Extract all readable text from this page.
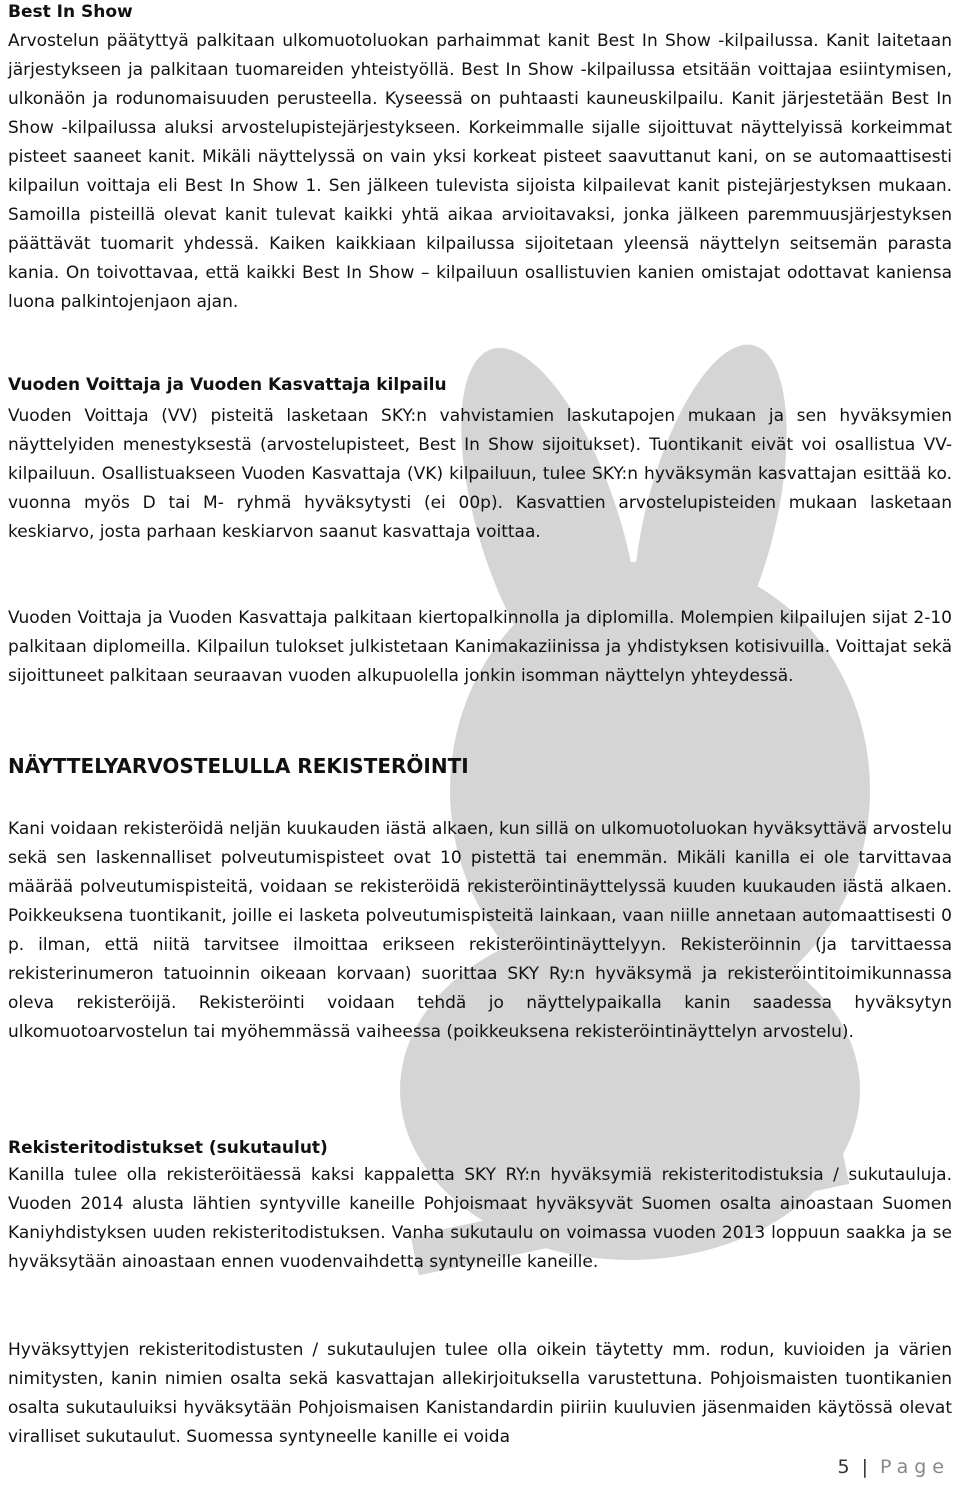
Best In Show

Arvostelun päätyttyä palkitaan ulkomuotoluokan parhaimmat kanit Best In Show -kilpailussa. Kanit laitetaan järjestykseen ja palkitaan tuomareiden yhteistyöllä. Best In Show -kilpailussa etsitään voittajaa esiintymisen, ulkonäön ja rodunomaisuuden perusteella. Kyseessä on puhtaasti kauneuskilpailu. Kanit järjestetään Best In Show -kilpailussa aluksi arvostelupistejärjestykseen. Korkeimmalle sijalle sijoittuvat näyttelyissä korkeimmat pisteet saaneet kanit. Mikäli näyttelyssä on vain yksi korkeat pisteet saavuttanut kani, on se automaattisesti kilpailun voittaja eli Best In Show 1. Sen jälkeen tulevista sijoista kilpailevat kanit pistejärjestyksen mukaan. Samoilla pisteillä olevat kanit tulevat kaikki yhtä aikaa arvioitavaksi, jonka jälkeen paremmuusjärjestyksen päättävät tuomarit yhdessä. Kaiken kaikkiaan kilpailussa sijoitetaan yleensä näyttelyn seitsemän parasta kania. On toivottavaa, että kaikki Best In Show – kilpailuun osallistuvien kanien omistajat odottavat kaniensa luona palkintojenjaon ajan.

Vuoden Voittaja ja Vuoden Kasvattaja kilpailu

Vuoden Voittaja (VV) pisteitä lasketaan SKY:n vahvistamien laskutapojen mukaan ja sen hyväksymien näyttelyiden menestyksestä (arvostelupisteet, Best In Show sijoitukset). Tuontikanit eivät voi osallistua VV-kilpailuun. Osallistuakseen Vuoden Kasvattaja (VK) kilpailuun, tulee SKY:n hyväksymän kasvattajan esittää ko. vuonna myös D tai M- ryhmä hyväksytysti (ei 00p). Kasvattien arvostelupisteiden mukaan lasketaan keskiarvo, josta parhaan keskiarvon saanut kasvattaja voittaa.

Vuoden Voittaja ja Vuoden Kasvattaja palkitaan kiertopalkinnolla ja diplomilla. Molempien kilpailujen sijat 2-10 palkitaan diplomeilla. Kilpailun tulokset julkistetaan Kanimakaziinissa ja yhdistyksen kotisivuilla. Voittajat sekä sijoittuneet palkitaan seuraavan vuoden alkupuolella jonkin isomman näyttelyn yhteydessä.

NÄYTTELYARVOSTELULLA REKISTERÖINTI

Kani voidaan rekisteröidä neljän kuukauden iästä alkaen, kun sillä on ulkomuotoluokan hyväksyttävä arvostelu sekä sen laskennalliset polveutumispisteet ovat 10 pistettä tai enemmän. Mikäli kanilla ei ole tarvittavaa määrää polveutumispisteitä, voidaan se rekisteröidä rekisteröintinäyttelyssä kuuden kuukauden iästä alkaen. Poikkeuksena tuontikanit, joille ei lasketa polveutumispisteitä lainkaan, vaan niille annetaan automaattisesti 0 p. ilman, että niitä tarvitsee ilmoittaa erikseen rekisteröintinäyttelyyn. Rekisteröinnin (ja tarvittaessa rekisterinumeron tatuoinnin oikeaan korvaan) suorittaa SKY Ry:n hyväksymä ja rekisteröintitoimikunnassa oleva rekisteröijä. Rekisteröinti voidaan tehdä jo näyttelypaikalla kanin saadessa hyväksytyn ulkomuotoarvostelun tai myöhemmässä vaiheessa (poikkeuksena rekisteröintinäyttelyn arvostelu).

Rekisteritodistukset (sukutaulut)

Kanilla tulee olla rekisteröitäessä kaksi kappaletta SKY RY:n hyväksymiä rekisteritodistuksia / sukutauluja. Vuoden 2014 alusta lähtien syntyville kaneille Pohjoismaat hyväksyvät Suomen osalta ainoastaan Suomen Kaniyhdistyksen uuden rekisteritodistuksen. Vanha sukutaulu on voimassa vuoden 2013 loppuun saakka ja se hyväksytään ainoastaan ennen vuodenvaihdetta syntyneille kaneille.

Hyväksyttyjen rekisteritodistusten / sukutaulujen tulee olla oikein täytetty mm. rodun, kuvioiden ja värien nimitysten, kanin nimien osalta sekä kasvattajan allekirjoituksella varustettuna. Pohjoismaisten tuontikanien osalta sukutauluiksi hyväksytään Pohjoismaisen Kanistandardin piiriin kuuluvien jäsenmaiden käytössä olevat viralliset sukutaulut. Suomessa syntyneelle kanille ei voida

5 | Page
